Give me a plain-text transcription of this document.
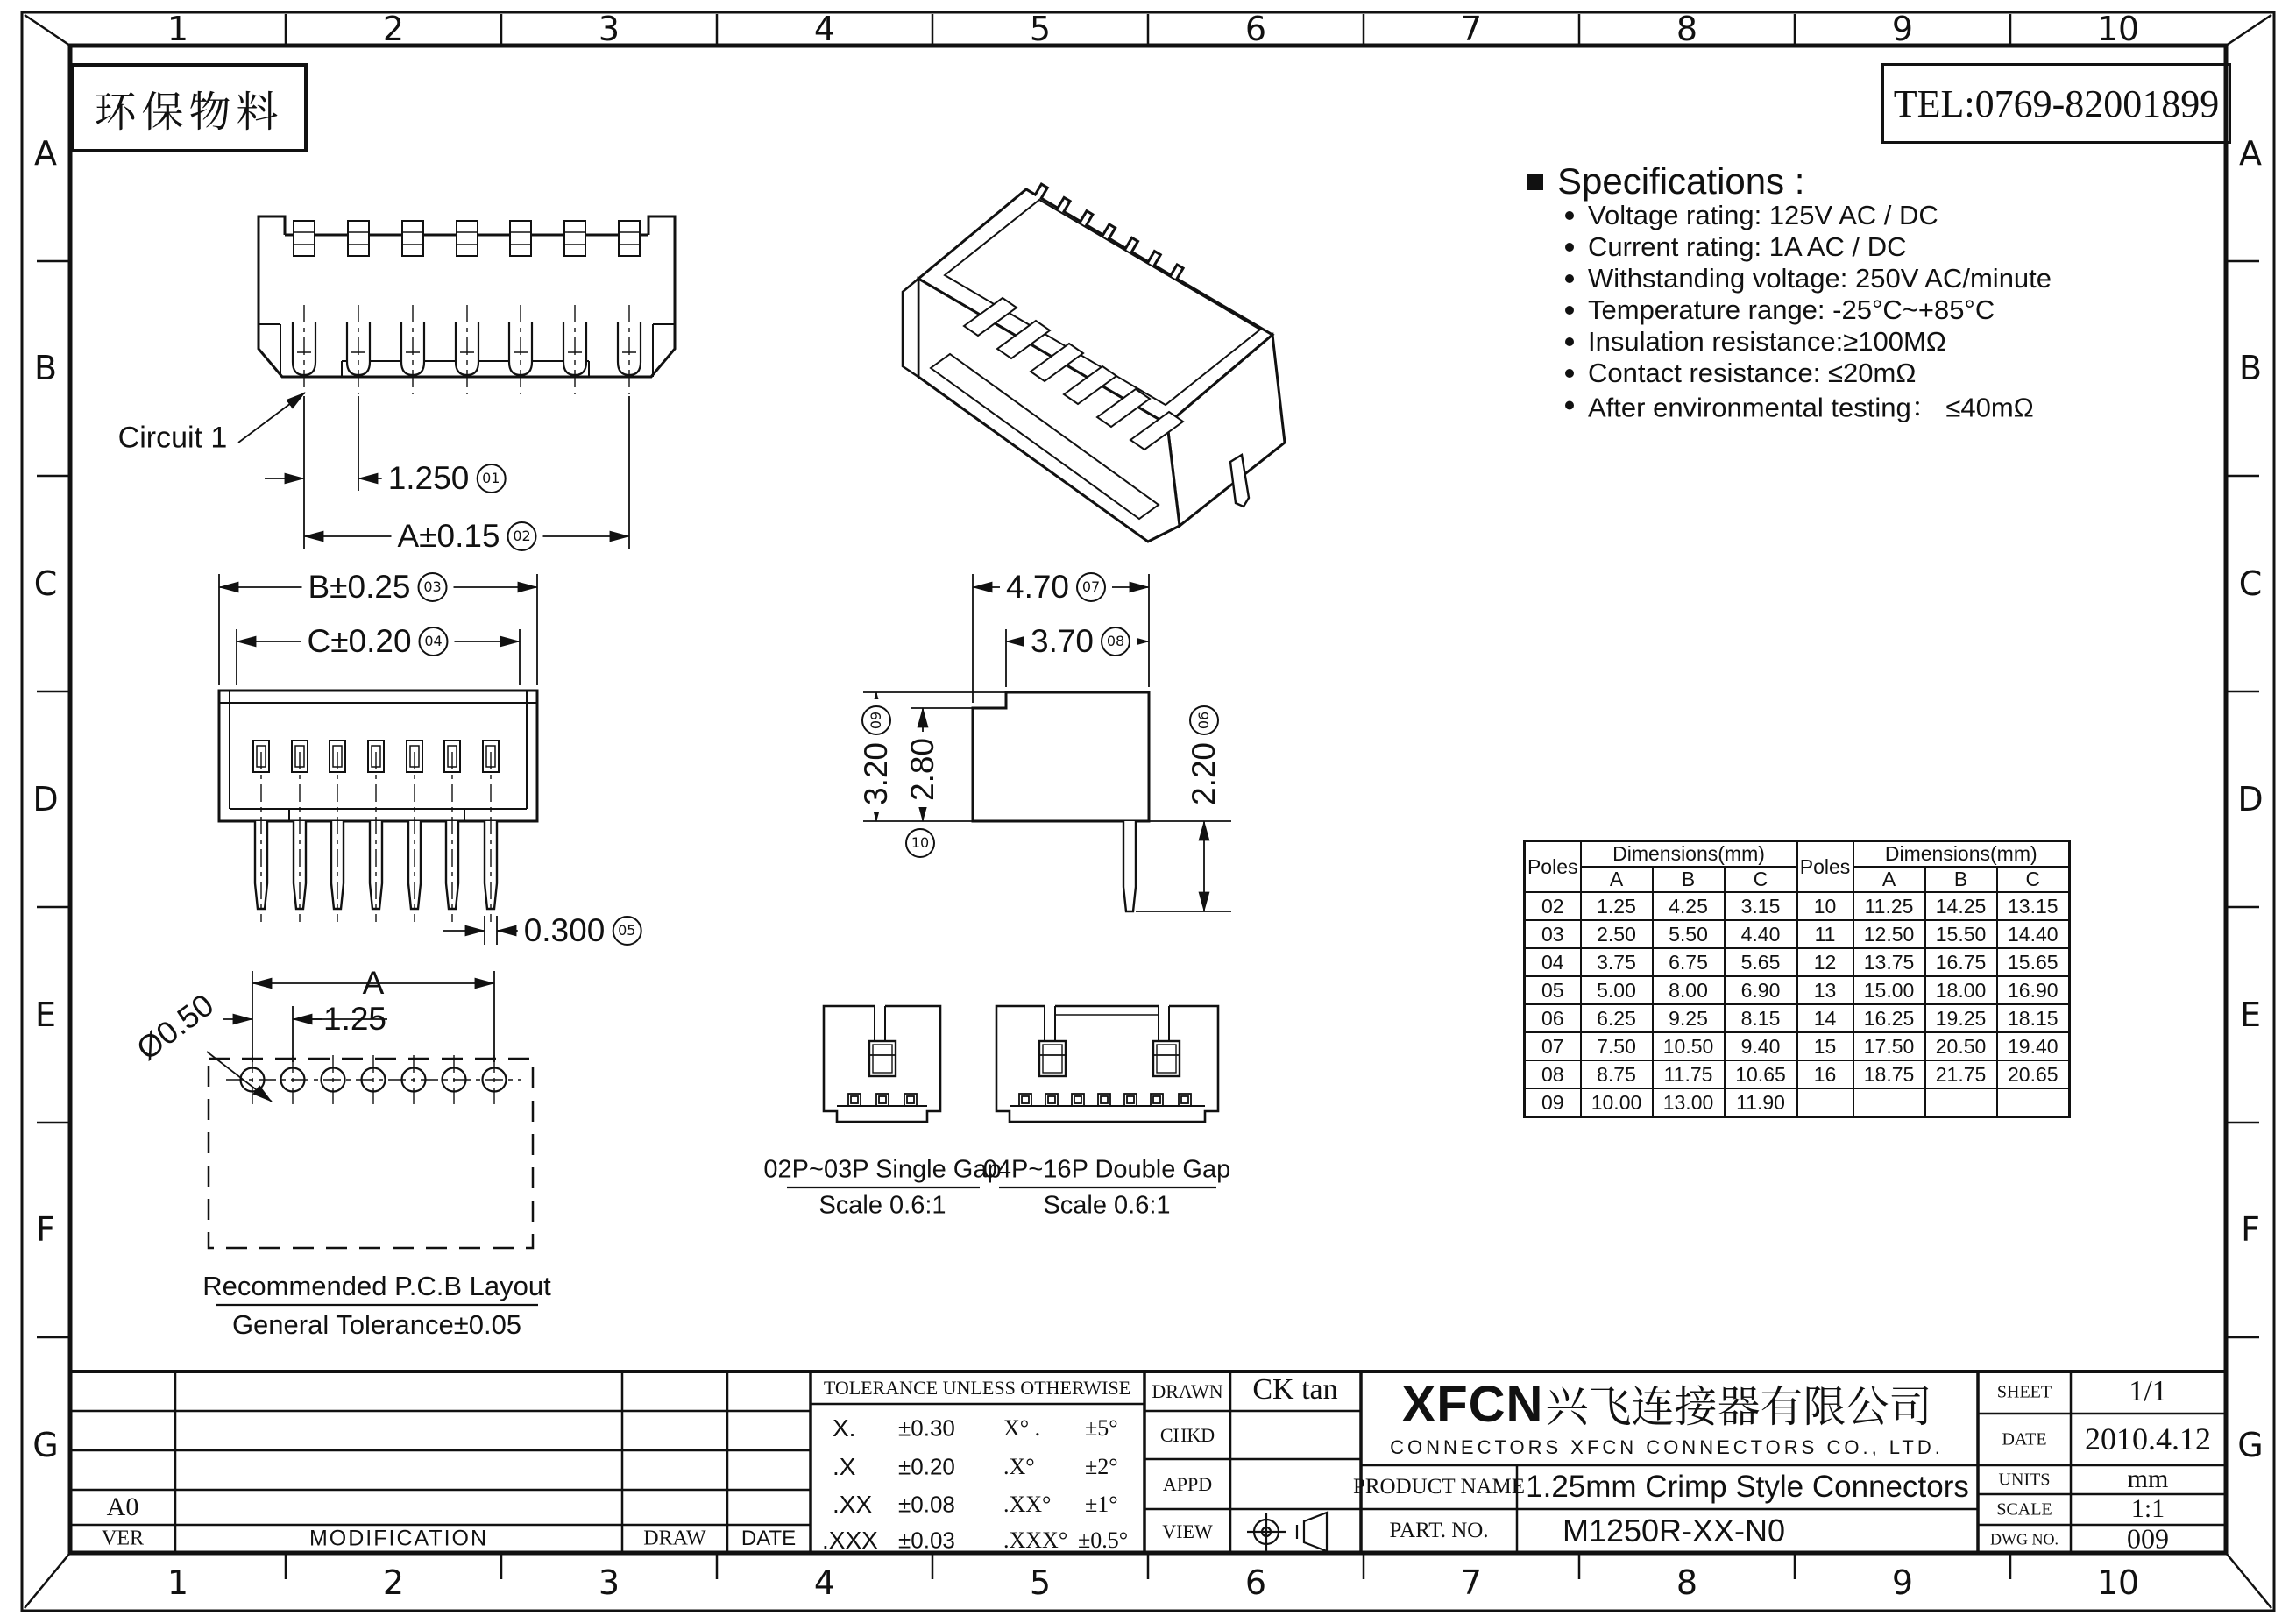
1	2	3	4	5	6	7	8	9	10
1	2	3	4	5	6	7	8	9	10
A
B
C
D
E
F
G
A
B
C
D
E
F
G
环保物料	TEL:0769-82001899
Specifications :
Voltage rating: 125V AC / DC
Current rating: 1A AC / DC
Withstanding voltage: 250V AC/minute
Temperature range: -25°C~+85°C
Insulation resistance:≥100MΩ
Contact resistance: ≤20mΩ
After environmental testing： ≤40mΩ
Circuit 1
1.250 01
A±0.15 02
B±0.25 03
C±0.20 04
0.300 05
4.70 07
3.70 08
3.20
09
2.80
10
2.20
06
A
1.25
Ø0.50
Recommended P.C.B Layout
General Tolerance±0.05
02P~03P Single Gap
Scale 0.6:1
04P~16P Double Gap
Scale 0.6:1
Poles	Dimensions(mm)			Poles	Dimensions(mm)		
	A	B	C		A	B	C
02	1.25	4.25	3.15	10	11.25	14.25	13.15
03	2.50	5.50	4.40	11	12.50	15.50	14.40
04	3.75	6.75	5.65	12	13.75	16.75	15.65
05	5.00	8.00	6.90	13	15.00	18.00	16.90
06	6.25	9.25	8.15	14	16.25	19.25	18.15
07	7.50	10.50	9.40	15	17.50	20.50	19.40
08	8.75	11.75	10.65	16	18.75	21.75	20.65
09	10.00	13.00	11.90				
A0
VER	MODIFICATION	DRAW DATE
TOLERANCE UNLESS OTHERWISE
X. ±0.30 X° . ±5°
.X ±0.20 .X° ±2°
.XX ±0.08 .XX° ±1°
.XXX ±0.03 .XXX° ±0.5°
DRAWN CK tan
CHKD
APPD
VIEW
XFCN 兴飞连接器有限公司
CONNECTORS XFCN CONNECTORS CO., LTD.
PRODUCT NAME 1.25mm Crimp Style Connectors
PART. NO. M1250R-XX-N0
SHEET	1/1
DATE 2010.4.12
UNITS	mm
SCALE	1:1
DWG NO. 009
